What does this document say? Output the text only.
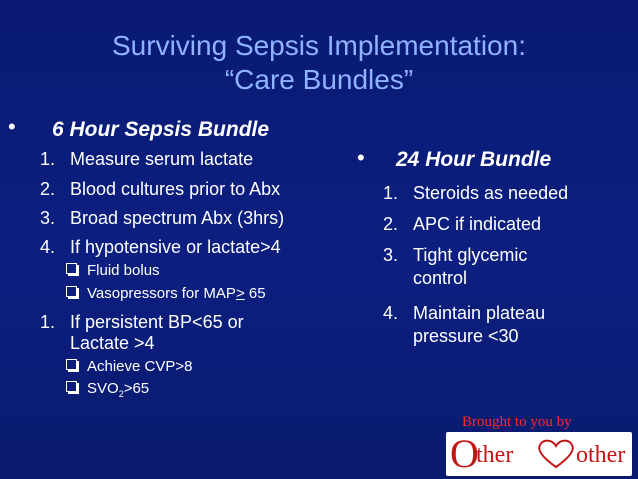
Surviving Sepsis Implementation:
“Care Bundles”
• 6 Hour Sepsis Bundle
1. Measure serum lactate
2. Blood cultures prior to Abx
3. Broad spectrum Abx (3hrs)
4. If hypotensive or lactate>4
Fluid bolus
Vasopressors for MAP≥ 65
1. If persistent BP<65 or
Lactate >4
Achieve CVP>8
$SVO_2>65$
• 24 Hour Bundle
1. Steroids as needed
2. APC if indicated
3. Tight glycemic
control
4. Maintain plateau
pressure <30
Brought to you by
O
ther	other
